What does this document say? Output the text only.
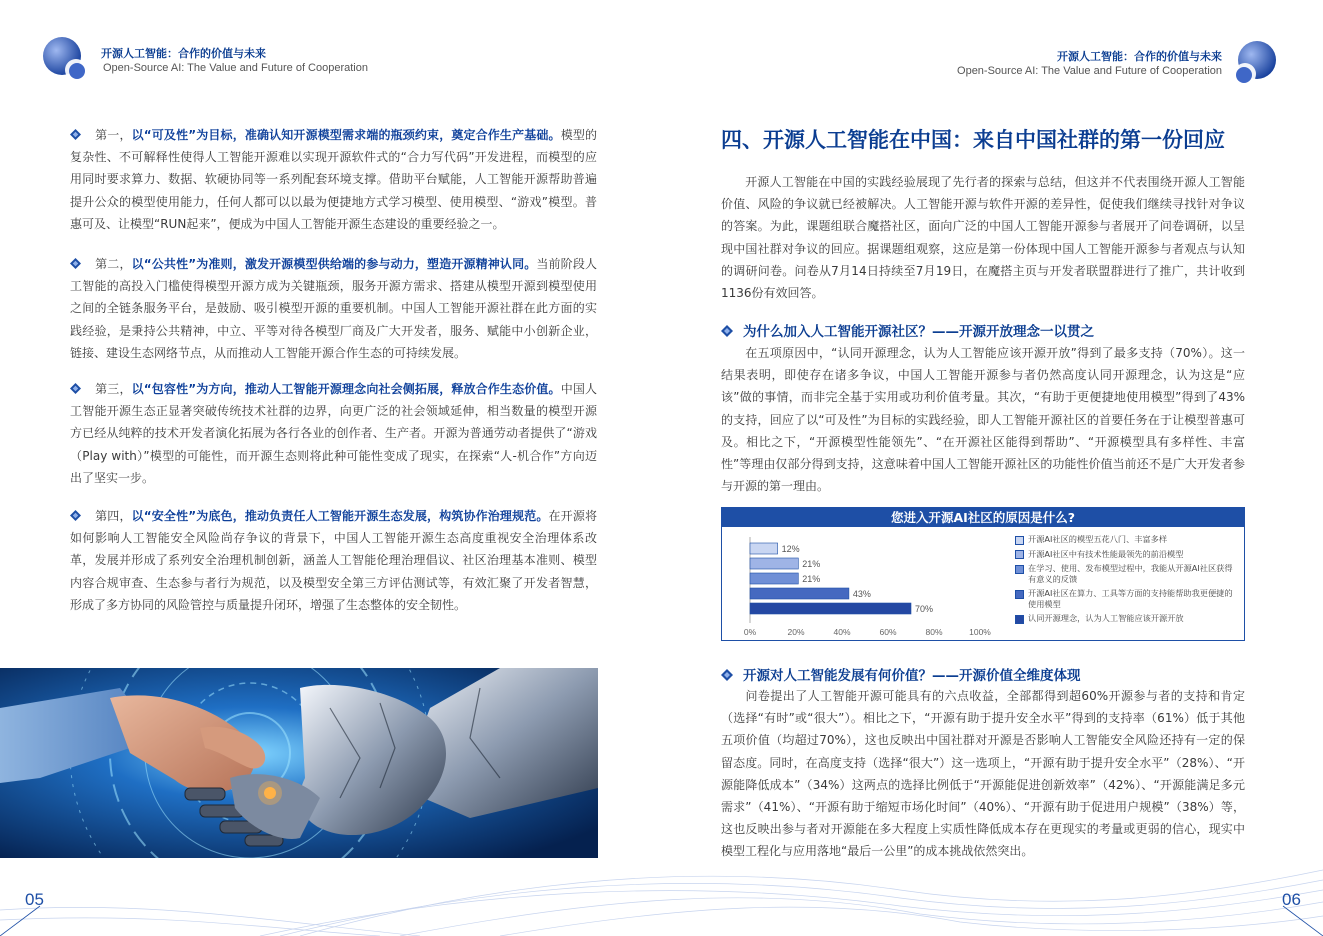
开源人工智能：合作的价值与未来
Open-Source AI: The Value and Future of Cooperation
开源人工智能：合作的价值与未来
Open-Source AI: The Value and Future of Cooperation
第一，以“可及性”为目标，准确认知开源模型需求端的瓶颈约束，奠定合作生产基础。模型的复杂性、不可解释性使得人工智能开源难以实现开源软件式的“合力写代码”开发进程，而模型的应用同时要求算力、数据、软硬协同等一系列配套环境支撑。借助平台赋能，人工智能开源帮助普遍提升公众的模型使用能力，任何人都可以以最为便捷地方式学习模型、使用模型、“游戏”模型。普惠可及、让模型“RUN起来”，便成为中国人工智能开源生态建设的重要经验之一。
第二，以“公共性”为准则，激发开源模型供给端的参与动力，塑造开源精神认同。当前阶段人工智能的高投入门槛使得模型开源方成为关键瓶颈，服务开源方需求、搭建从模型开源到模型使用之间的全链条服务平台，是鼓励、吸引模型开源的重要机制。中国人工智能开源社群在此方面的实践经验，是秉持公共精神，中立、平等对待各模型厂商及广大开发者，服务、赋能中小创新企业，链接、建设生态网络节点，从而推动人工智能开源合作生态的可持续发展。
第三，以“包容性”为方向，推动人工智能开源理念向社会侧拓展，释放合作生态价值。中国人工智能开源生态正显著突破传统技术社群的边界，向更广泛的社会领域延伸，相当数量的模型开源方已经从纯粹的技术开发者演化拓展为各行各业的创作者、生产者。开源为普通劳动者提供了“游戏（Play with）”模型的可能性，而开源生态则将此种可能性变成了现实，在探索“人-机合作”方向迈出了坚实一步。
第四，以“安全性”为底色，推动负责任人工智能开源生态发展，构筑协作治理规范。在开源将如何影响人工智能安全风险尚存争议的背景下，中国人工智能开源生态高度重视安全治理体系改革，发展并形成了系列安全治理机制创新，涵盖人工智能伦理治理倡议、社区治理基本准则、模型内容合规审查、生态参与者行为规范，以及模型安全第三方评估测试等，有效汇聚了开发者智慧，形成了多方协同的风险管控与质量提升闭环，增强了生态整体的安全韧性。
四、开源人工智能在中国：来自中国社群的第一份回应
开源人工智能在中国的实践经验展现了先行者的探索与总结，但这并不代表围绕开源人工智能价值、风险的争议就已经被解决。人工智能开源与软件开源的差异性，促使我们继续寻找针对争议的答案。为此，课题组联合魔搭社区，面向广泛的中国人工智能开源参与者展开了问卷调研，以呈现中国社群对争议的回应。据课题组观察，这应是第一份体现中国人工智能开源参与者观点与认知的调研问卷。问卷从7月14日持续至7月19日，在魔搭主页与开发者联盟群进行了推广，共计收到1136份有效回答。
为什么加入人工智能开源社区？——开源开放理念一以贯之
在五项原因中，“认同开源理念，认为人工智能应该开源开放”得到了最多支持（70%）。这一结果表明，即使存在诸多争议，中国人工智能开源参与者仍然高度认同开源理念，认为这是“应该”做的事情，而非完全基于实用或功利价值考量。其次，“有助于更便捷地使用模型”得到了43%的支持，回应了以“可及性”为目标的实践经验，即人工智能开源社区的首要任务在于让模型普惠可及。相比之下，“开源模型性能领先”、“在开源社区能得到帮助”、“开源模型具有多样性、丰富性”等理由仅部分得到支持，这意味着中国人工智能开源社区的功能性价值当前还不是广大开发者参与开源的第一理由。
您进入开源AI社区的原因是什么?
12%
21%
21%
43%
70%
0%	20%	40%	60%	80%	100%
开源AI社区的模型五花八门、丰富多样
开源AI社区中有技术性能最领先的前沿模型
在学习、使用、发布模型过程中，我能从开源AI社区获得有意义的反馈
开源AI社区在算力、工具等方面的支持能帮助我更便捷的使用模型
认同开源理念，认为人工智能应该开源开放
开源对人工智能发展有何价值？——开源价值全维度体现
问卷提出了人工智能开源可能具有的六点收益，全部都得到超60%开源参与者的支持和肯定（选择“有时”或“很大”）。相比之下，“开源有助于提升安全水平”得到的支持率（61%）低于其他五项价值（均超过70%），这也反映出中国社群对开源是否影响人工智能安全风险还持有一定的保留态度。同时，在高度支持（选择“很大”）这一选项上，“开源有助于提升安全水平”（28%）、“开源能降低成本”（34%）这两点的选择比例低于“开源能促进创新效率”（42%）、“开源能满足多元需求”（41%）、“开源有助于缩短市场化时间”（40%）、“开源有助于促进用户规模”（38%）等，这也反映出参与者对开源能在多大程度上实质性降低成本存在更现实的考量或更弱的信心，现实中模型工程化与应用落地“最后一公里”的成本挑战依然突出。
05	06
